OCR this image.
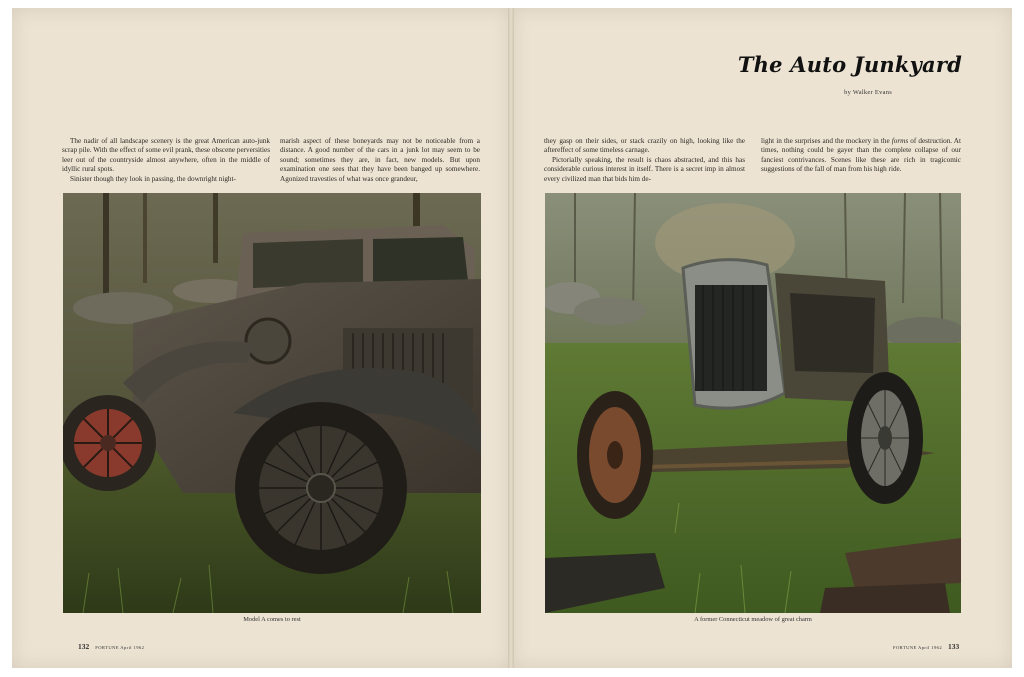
The Auto Junkyard
by Walker Evans

The nadir of all landscape scenery is the great American auto-junk scrap pile. With the effect of some evil prank, these obscene perversities leer out of the countryside almost anywhere, often in the middle of idyllic rural spots.

Sinister though they look in passing, the downright night-

marish aspect of these boneyards may not be noticeable from a distance. A good number of the cars in a junk lot may seem to be sound; sometimes they are, in fact, new models. But upon examination one sees that they have been banged up somewhere. Agonized travesties of what was once grandeur,

they gasp on their sides, or stack crazily on high, looking like the aftereffect of some timeless carnage.

Pictorially speaking, the result is chaos abstracted, and this has considerable curious interest in itself. There is a secret imp in almost every civilized man that bids him de-

light in the surprises and the mockery in the forms of destruction. At times, nothing could be gayer than the complete collapse of our fanciest contrivances. Scenes like these are rich in tragicomic suggestions of the fall of man from his high ride.

Model A comes to rest	A former Connecticut meadow of great charm
132 FORTUNE April 1962	FORTUNE April 1962 133
